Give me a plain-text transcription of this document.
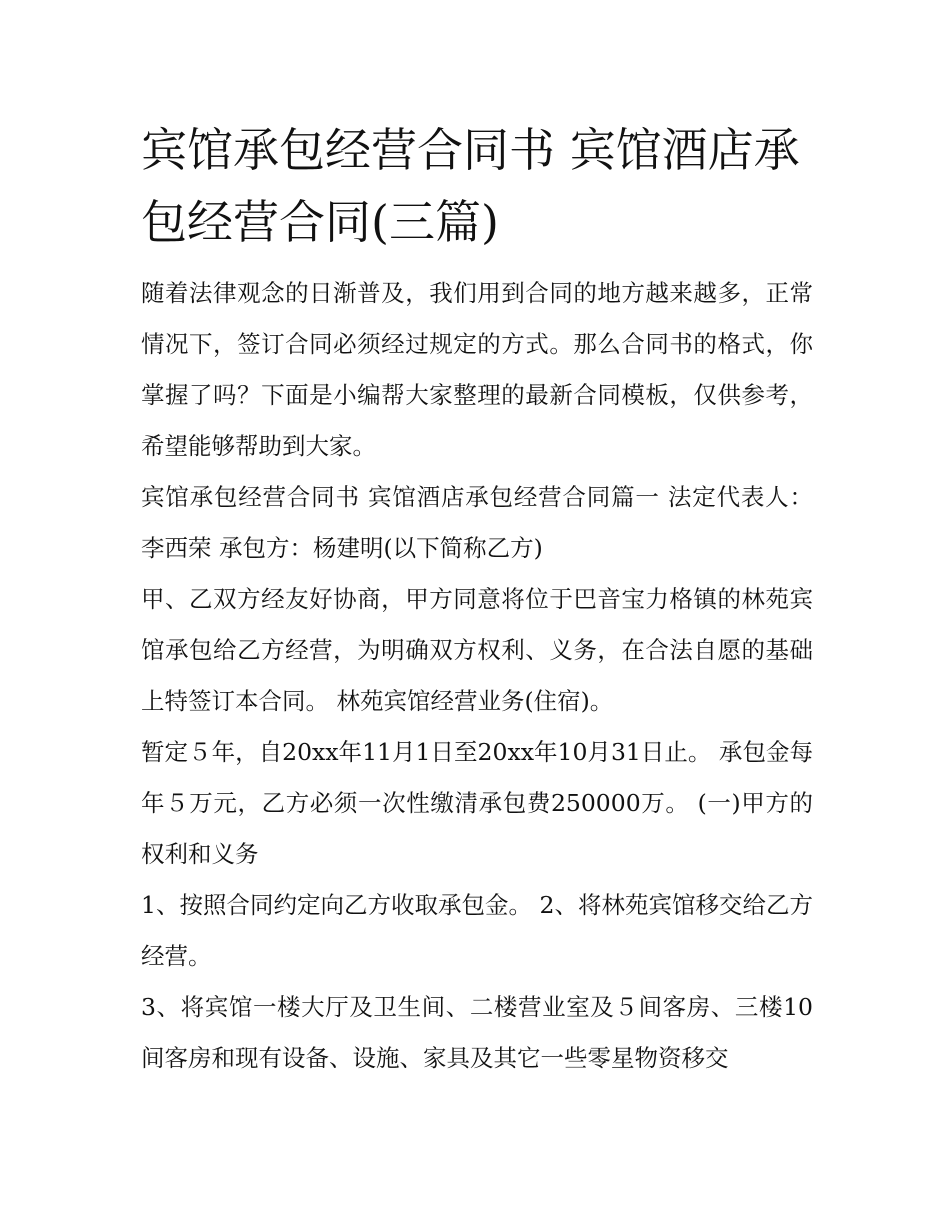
宾馆承包经营合同书 宾馆酒店承包经营合同(三篇)

随着法律观念的日渐普及，我们用到合同的地方越来越多，正常情况下，签订合同必须经过规定的方式。那么合同书的格式，你掌握了吗？下面是小编帮大家整理的最新合同模板，仅供参考，希望能够帮助到大家。

宾馆承包经营合同书 宾馆酒店承包经营合同篇一 法定代表人：李西荣 承包方：杨建明(以下简称乙方)

甲、乙双方经友好协商，甲方同意将位于巴音宝力格镇的林苑宾馆承包给乙方经营，为明确双方权利、义务，在合法自愿的基础上特签订本合同。 林苑宾馆经营业务(住宿)。

暂定５年，自20xx年11月1日至20xx年10月31日止。 承包金每年５万元，乙方必须一次性缴清承包费250000万。 (一)甲方的权利和义务

1、按照合同约定向乙方收取承包金。 2、将林苑宾馆移交给乙方经营。

3、将宾馆一楼大厅及卫生间、二楼营业室及５间客房、三楼10间客房和现有设备、设施、家具及其它一些零星物资移交
